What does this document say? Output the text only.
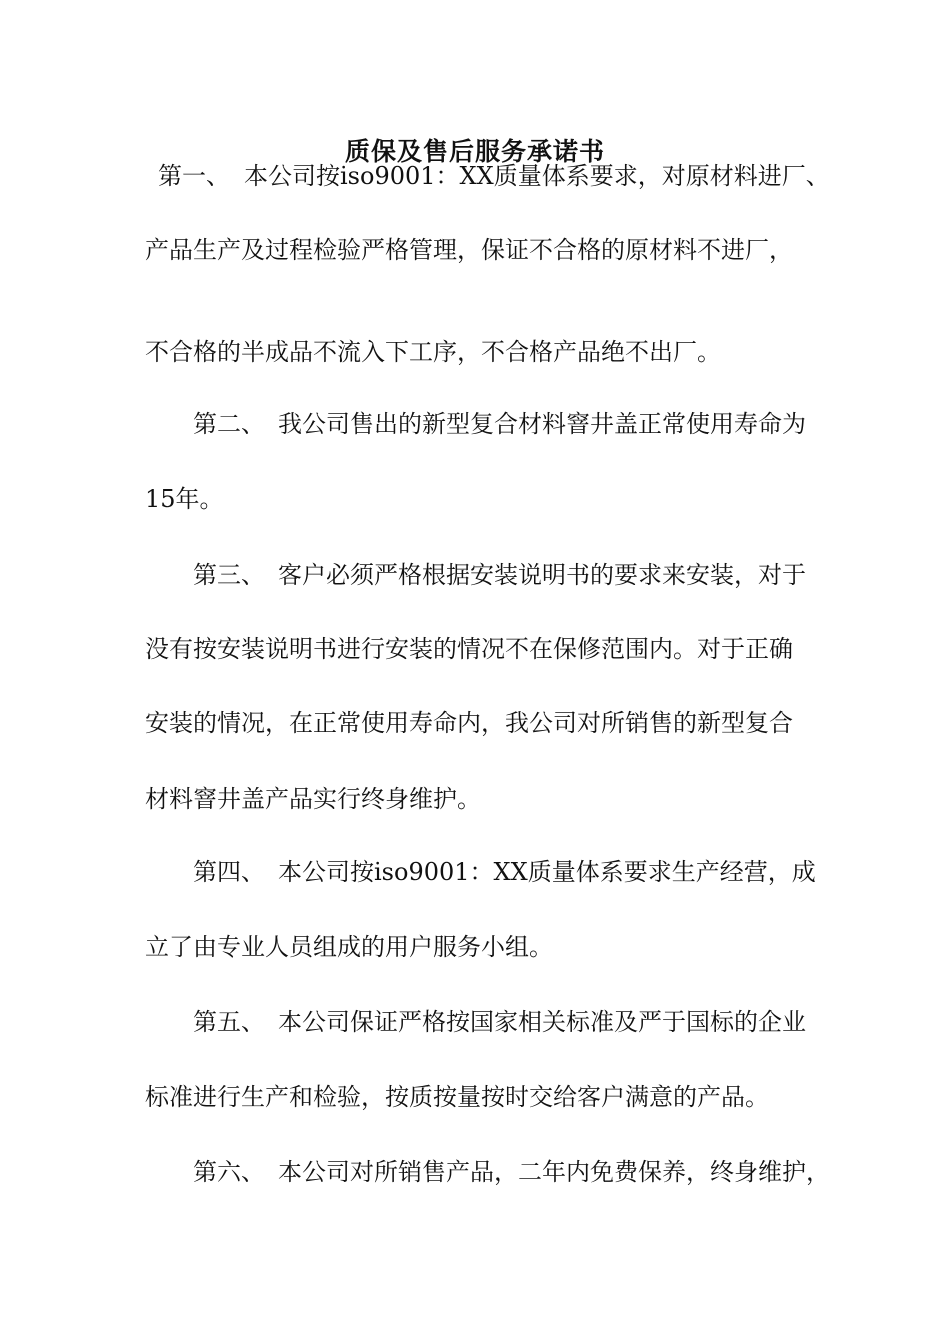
质保及售后服务承诺书
第一、 本公司按iso9001：XX质量体系要求，对原材料进厂、
产品生产及过程检验严格管理，保证不合格的原材料不进厂，
不合格的半成品不流入下工序，不合格产品绝不出厂。
第二、 我公司售出的新型复合材料窨井盖正常使用寿命为
15年。
第三、 客户必须严格根据安装说明书的要求来安装，对于
没有按安装说明书进行安装的情况不在保修范围内。对于正确
安装的情况，在正常使用寿命内，我公司对所销售的新型复合
材料窨井盖产品实行终身维护。
第四、 本公司按iso9001：XX质量体系要求生产经营，成
立了由专业人员组成的用户服务小组。
第五、 本公司保证严格按国家相关标准及严于国标的企业
标准进行生产和检验，按质按量按时交给客户满意的产品。
第六、 本公司对所销售产品，二年内免费保养，终身维护，
